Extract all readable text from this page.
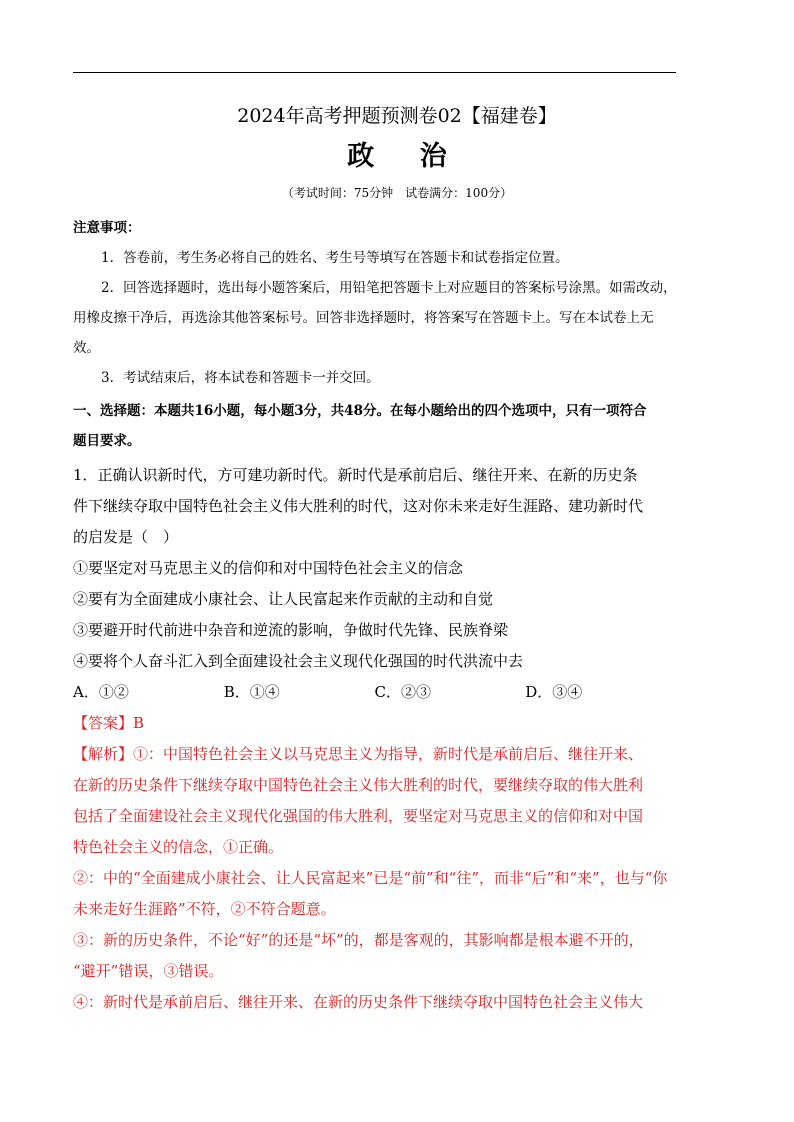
2024年高考押题预测卷02【福建卷】
政 治
（考试时间：75分钟　试卷满分：100分）
注意事项：
1．答卷前，考生务必将自己的姓名、考生号等填写在答题卡和试卷指定位置。
2．回答选择题时，选出每小题答案后，用铅笔把答题卡上对应题目的答案标号涂黑。如需改动，
用橡皮擦干净后，再选涂其他答案标号。回答非选择题时，将答案写在答题卡上。写在本试卷上无
效。
3．考试结束后，将本试卷和答题卡一并交回。
一、选择题：本题共16小题，每小题3分，共48分。在每小题给出的四个选项中，只有一项符合
题目要求。
1．正确认识新时代，方可建功新时代。新时代是承前启后、继往开来、在新的历史条
件下继续夺取中国特色社会主义伟大胜利的时代，这对你未来走好生涯路、建功新时代
的启发是（　）
①要坚定对马克思主义的信仰和对中国特色社会主义的信念
②要有为全面建成小康社会、让人民富起来作贡献的主动和自觉
③要避开时代前进中杂音和逆流的影响，争做时代先锋、民族脊梁
④要将个人奋斗汇入到全面建设社会主义现代化强国的时代洪流中去
A．①②	B．①④	C．②③	D．③④
【答案】B
【解析】①：中国特色社会主义以马克思主义为指导，新时代是承前启后、继往开来、
在新的历史条件下继续夺取中国特色社会主义伟大胜利的时代，要继续夺取的伟大胜利
包括了全面建设社会主义现代化强国的伟大胜利，要坚定对马克思主义的信仰和对中国
特色社会主义的信念，①正确。
②：中的“全面建成小康社会、让人民富起来”已是“前”和“往”，而非“后”和“来”，也与“你
未来走好生涯路”不符，②不符合题意。
③：新的历史条件，不论“好”的还是“坏”的，都是客观的，其影响都是根本避不开的，
“避开”错误，③错误。
④：新时代是承前启后、继往开来、在新的历史条件下继续夺取中国特色社会主义伟大
